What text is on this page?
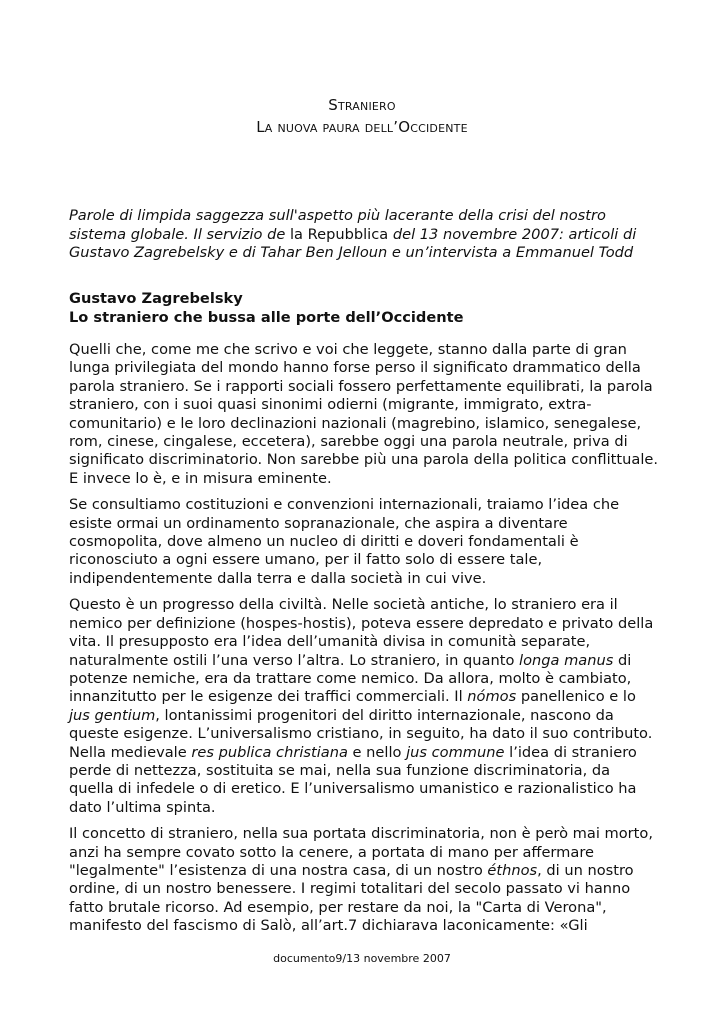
Straniero
La nuova paura dell’Occidente

Parole di limpida saggezza sull'aspetto più lacerante della crisi del nostro sistema globale. Il servizio de la Repubblica del 13 novembre 2007: articoli di Gustavo Zagrebelsky e di Tahar Ben Jelloun e un’intervista a Emmanuel Todd

Gustavo Zagrebelsky
Lo straniero che bussa alle porte dell’Occidente

Quelli che, come me che scrivo e voi che leggete, stanno dalla parte di gran lunga privilegiata del mondo hanno forse perso il significato drammatico della parola straniero. Se i rapporti sociali fossero perfettamente equilibrati, la parola straniero, con i suoi quasi sinonimi odierni (migrante, immigrato, extra-comunitario) e le loro declinazioni nazionali (magrebino, islamico, senegalese, rom, cinese, cingalese, eccetera), sarebbe oggi una parola neutrale, priva di significato discriminatorio. Non sarebbe più una parola della politica conflittuale. E invece lo è, e in misura eminente.

Se consultiamo costituzioni e convenzioni internazionali, traiamo l’idea che esiste ormai un ordinamento sopranazionale, che aspira a diventare cosmopolita, dove almeno un nucleo di diritti e doveri fondamentali è riconosciuto a ogni essere umano, per il fatto solo di essere tale, indipendentemente dalla terra e dalla società in cui vive.

Questo è un progresso della civiltà. Nelle società antiche, lo straniero era il nemico per definizione (hospes-hostis), poteva essere depredato e privato della vita. Il presupposto era l’idea dell’umanità divisa in comunità separate, naturalmente ostili l’una verso l’altra. Lo straniero, in quanto longa manus di potenze nemiche, era da trattare come nemico. Da allora, molto è cambiato, innanzitutto per le esigenze dei traffici commerciali. Il nómos panellenico e lo jus gentium, lontanissimi progenitori del diritto internazionale, nascono da queste esigenze. L’universalismo cristiano, in seguito, ha dato il suo contributo. Nella medievale res publica christiana e nello jus commune l’idea di straniero perde di nettezza, sostituita se mai, nella sua funzione discriminatoria, da quella di infedele o di eretico. E l’universalismo umanistico e razionalistico ha dato l’ultima spinta.

Il concetto di straniero, nella sua portata discriminatoria, non è però mai morto, anzi ha sempre covato sotto la cenere, a portata di mano per affermare "legalmente" l’esistenza di una nostra casa, di un nostro éthnos, di un nostro ordine, di un nostro benessere. I regimi totalitari del secolo passato vi hanno fatto brutale ricorso. Ad esempio, per restare da noi, la "Carta di Verona", manifesto del fascismo di Salò, all’art.7 dichiarava laconicamente: «Gli

documento9/13 novembre 2007
